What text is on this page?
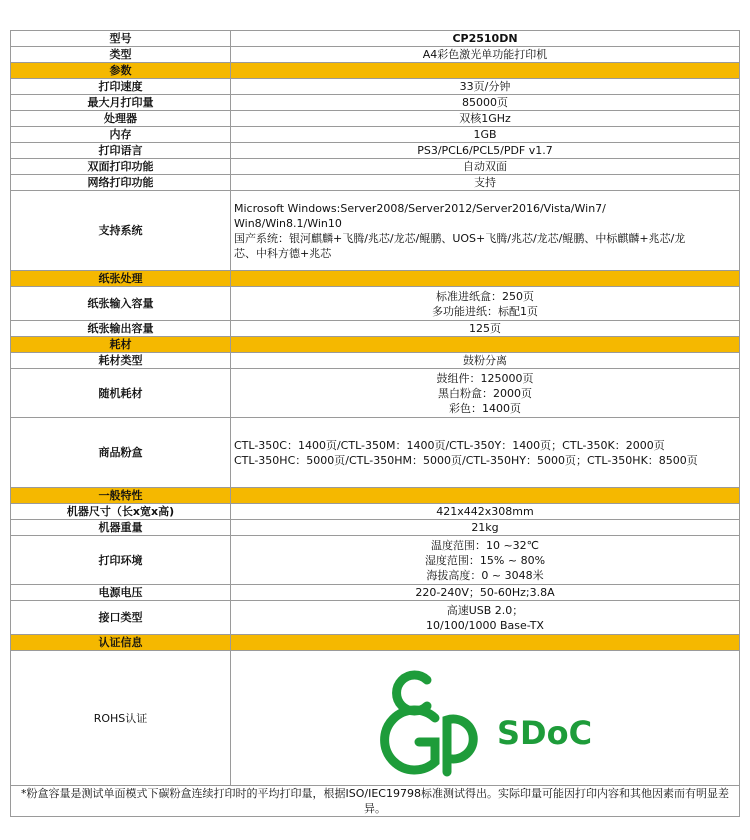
型号	CP2510DN
类型	A4彩色激光单功能打印机
参数	
打印速度	33页/分钟
最大月打印量	85000页
处理器	双核1GHz
内存	1GB
打印语言	PS3/PCL6/PCL5/PDF v1.7
双面打印功能	自动双面
网络打印功能	支持
支持系统	Microsoft Windows:Server2008/Server2012/Server2016/Vista/Win7/
Win8/Win8.1/Win10
国产系统：银河麒麟+飞腾/兆芯/龙芯/鲲鹏、UOS+飞腾/兆芯/龙芯/鲲鹏、中标麒麟+兆芯/龙
芯、中科方德+兆芯

纸张处理	
纸张输入容量	标准进纸盒：250页
多功能进纸：标配1页

纸张输出容量	125页
耗材	
耗材类型	鼓粉分离
随机耗材	鼓组件：125000页
黑白粉盒：2000页
彩色：1400页

商品粉盒	CTL-350C：1400页/CTL-350M：1400页/CTL-350Y：1400页；CTL-350K：2000页
CTL-350HC：5000页/CTL-350HM：5000页/CTL-350HY：5000页；CTL-350HK：8500页

一般特性	
机器尺寸（长x宽x高)	421x442x308mm
机器重量	21kg
打印环境	温度范围：10 ~32℃
湿度范围：15% ~ 80%
海拔高度：0 ~ 3048米

电源电压	220-240V；50-60Hz;3.8A
接口类型	高速USB 2.0；
10/100/1000 Base-TX

认证信息	
ROHS认证	SDoC

*粉盒容量是测试单面模式下碳粉盒连续打印时的平均打印量，根据ISO/IEC19798标准测试得出。实际印量可能因打印内容和其他因素而有明显差异。	
